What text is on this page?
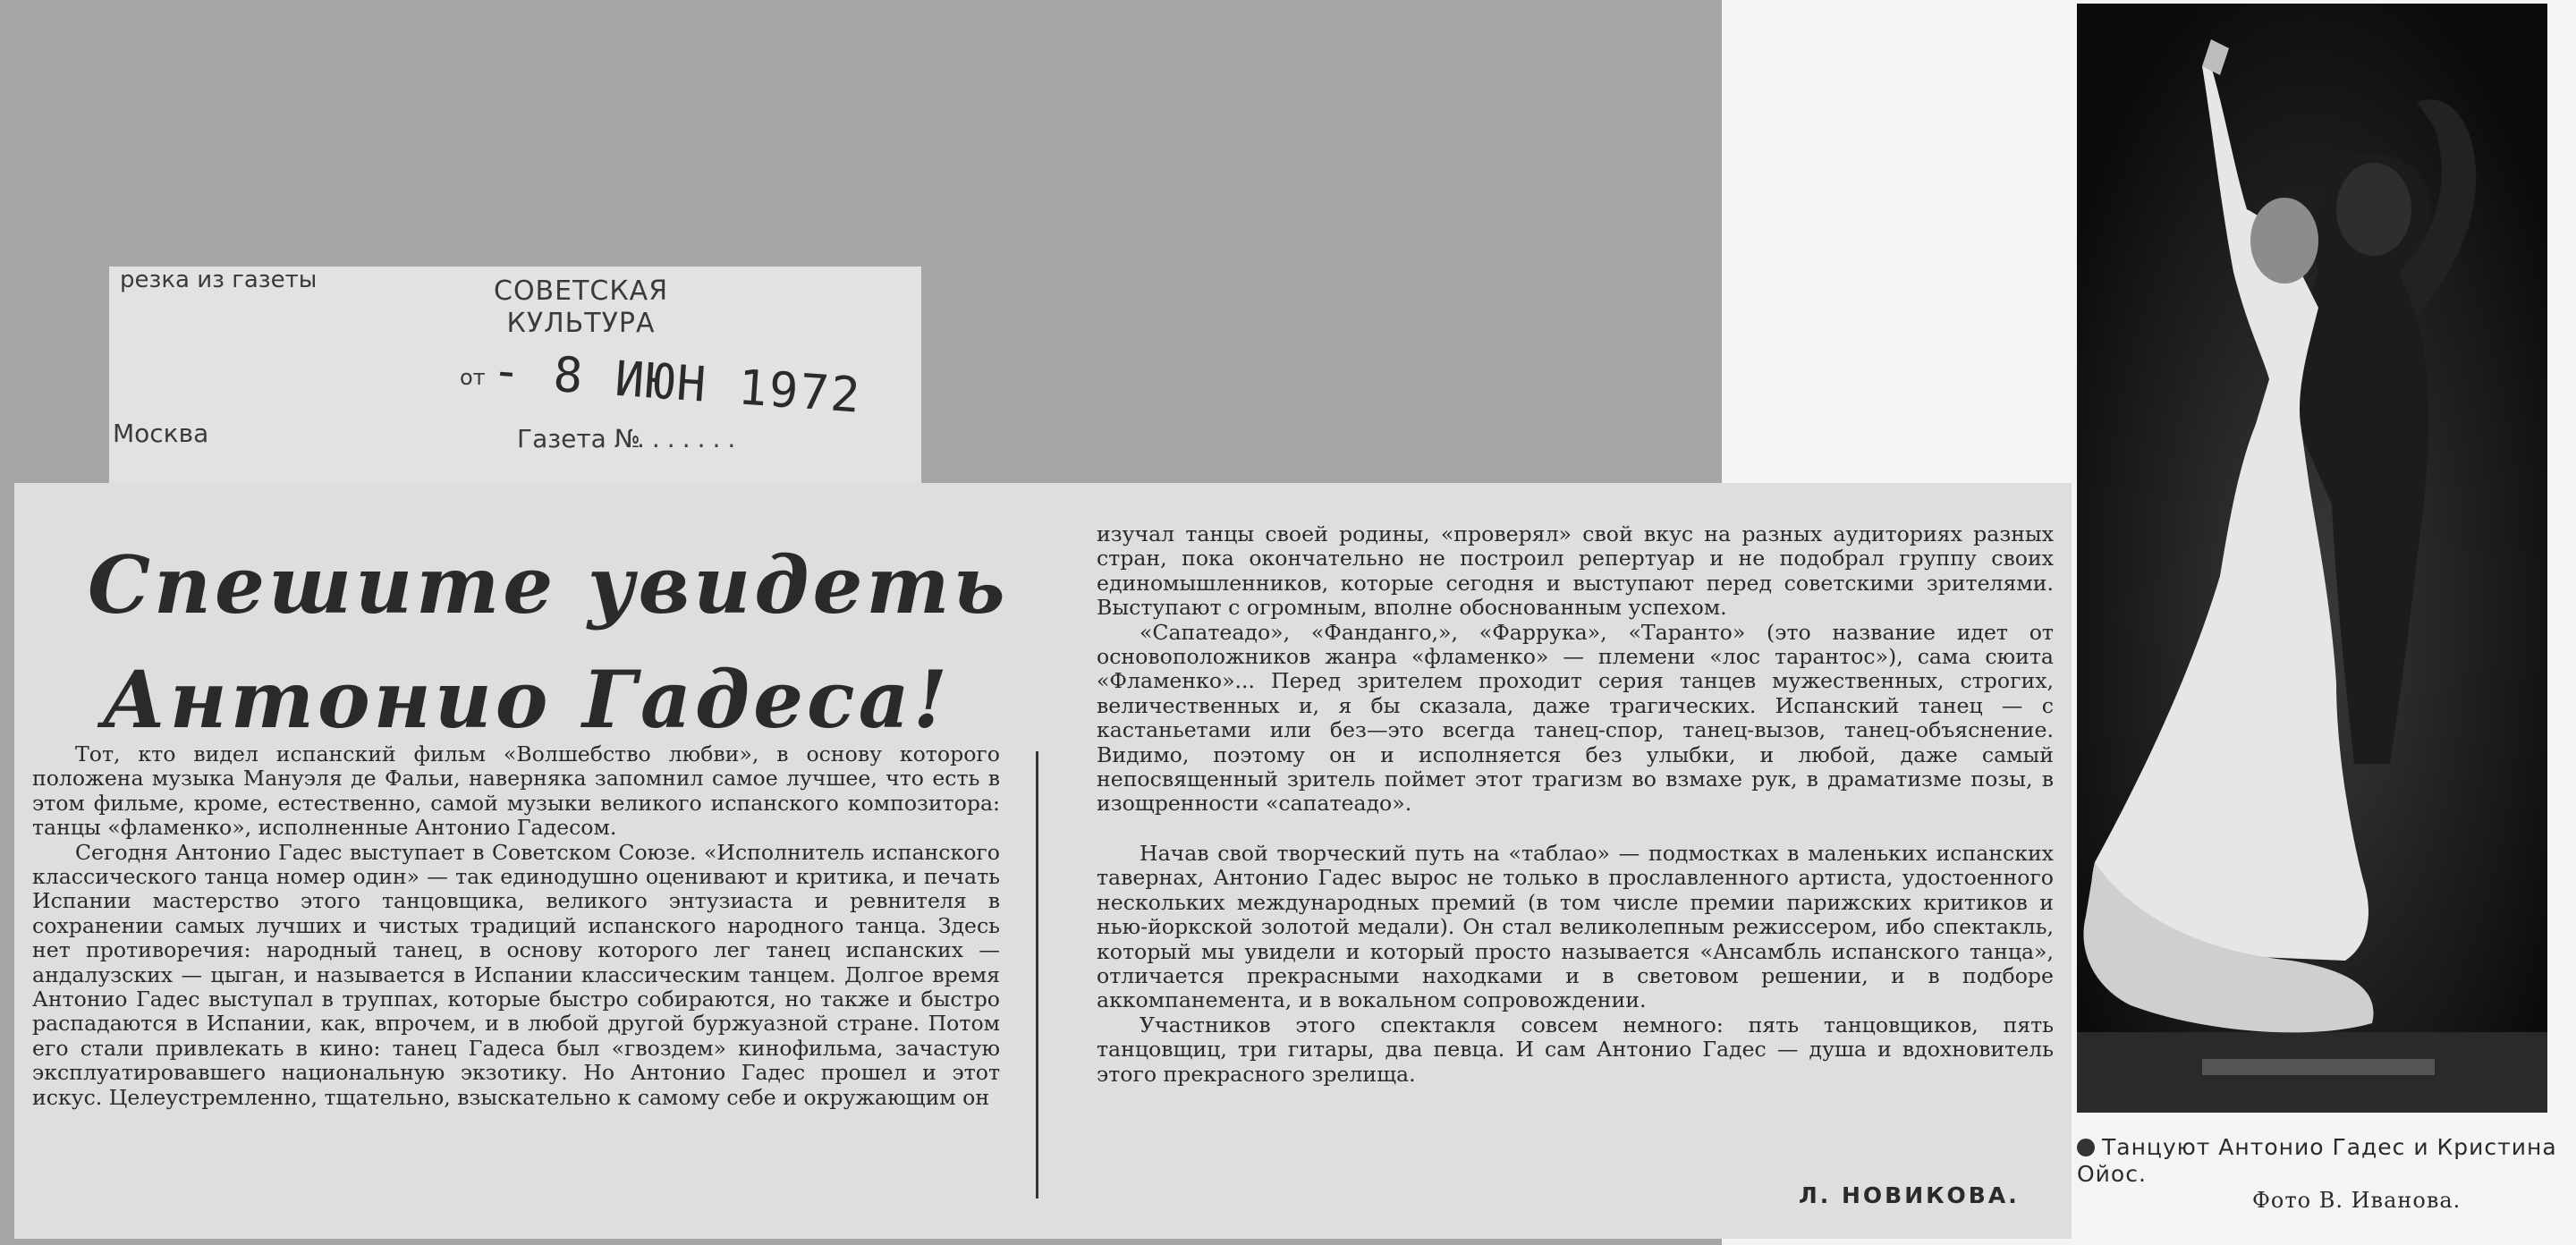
резка из газеты	СОВЕТСКАЯ
КУЛЬТУРА
от - 8 ИЮН 1972
Москва	Газета №
.......
Спешите увидеть
Антонио Гадеса!

Тот, кто видел испанский фильм «Волшебство любви», в основу которого положена музыка Мануэля де Фальи, наверняка запомнил самое лучшее, что есть в этом фильме, кроме, естественно, самой музыки великого испанского композитора: танцы «фламенко», исполненные Антонио Гадесом.

Сегодня Антонио Гадес выступает в Советском Союзе. «Исполнитель испанского классического танца номер один» — так единодушно оценивают и критика, и печать Испании мастерство этого танцовщика, великого энтузиаста и ревнителя в сохранении самых лучших и чистых традиций испанского народного танца. Здесь нет противоречия: народный танец, в основу которого лег танец испанских — андалузских — цыган, и называется в Испании классическим танцем. Долгое время Антонио Гадес выступал в труппах, которые быстро собираются, но также и быстро распадаются в Испании, как, впрочем, и в любой другой буржуазной стране. Потом его стали привлекать в кино: танец Гадеса был «гвоздем» кинофильма, зачастую эксплуатировавшего национальную экзотику. Но Антонио Гадес прошел и этот искус. Целеустремленно, тщательно, взыскательно к самому себе и окружающим он

изучал танцы своей родины, «проверял» свой вкус на разных аудиториях разных стран, пока окончательно не построил репертуар и не подобрал группу своих единомышленников, которые сегодня и выступают перед советскими зрителями. Выступают с огромным, вполне обоснованным успехом.

«Сапатеадо», «Фанданго,», «Фаррука», «Таранто» (это название идет от основоположников жанра «фламенко» — племени «лос тарантос»), сама сюита «Фламенко»... Перед зрителем проходит серия танцев мужественных, строгих, величественных и, я бы сказала, даже трагических. Испанский танец — с кастаньетами или без—это всегда танец-спор, танец-вызов, танец-объяснение. Видимо, поэтому он и исполняется без улыбки, и любой, даже самый непосвященный зритель поймет этот трагизм во взмахе рук, в драматизме позы, в изощренности «сапатеадо».

Начав свой творческий путь на «таблао» — подмостках в маленьких испанских тавернах, Антонио Гадес вырос не только в прославленного артиста, удостоенного нескольких международных премий (в том числе премии парижских критиков и нью-йоркской золотой медали). Он стал великолепным режиссером, ибо спектакль, который мы увидели и который просто называется «Ансамбль испанского танца», отличается прекрасными находками и в световом решении, и в подборе аккомпанемента, и в вокальном сопровождении.

Участников этого спектакля совсем немного: пять танцовщиков, пять танцовщиц, три гитары, два певца. И сам Антонио Гадес — душа и вдохновитель этого прекрасного зрелища.

Л. НОВИКОВА.
Танцуют Антонио Гадес и Кристина Ойос.
Фото В. Иванова.
